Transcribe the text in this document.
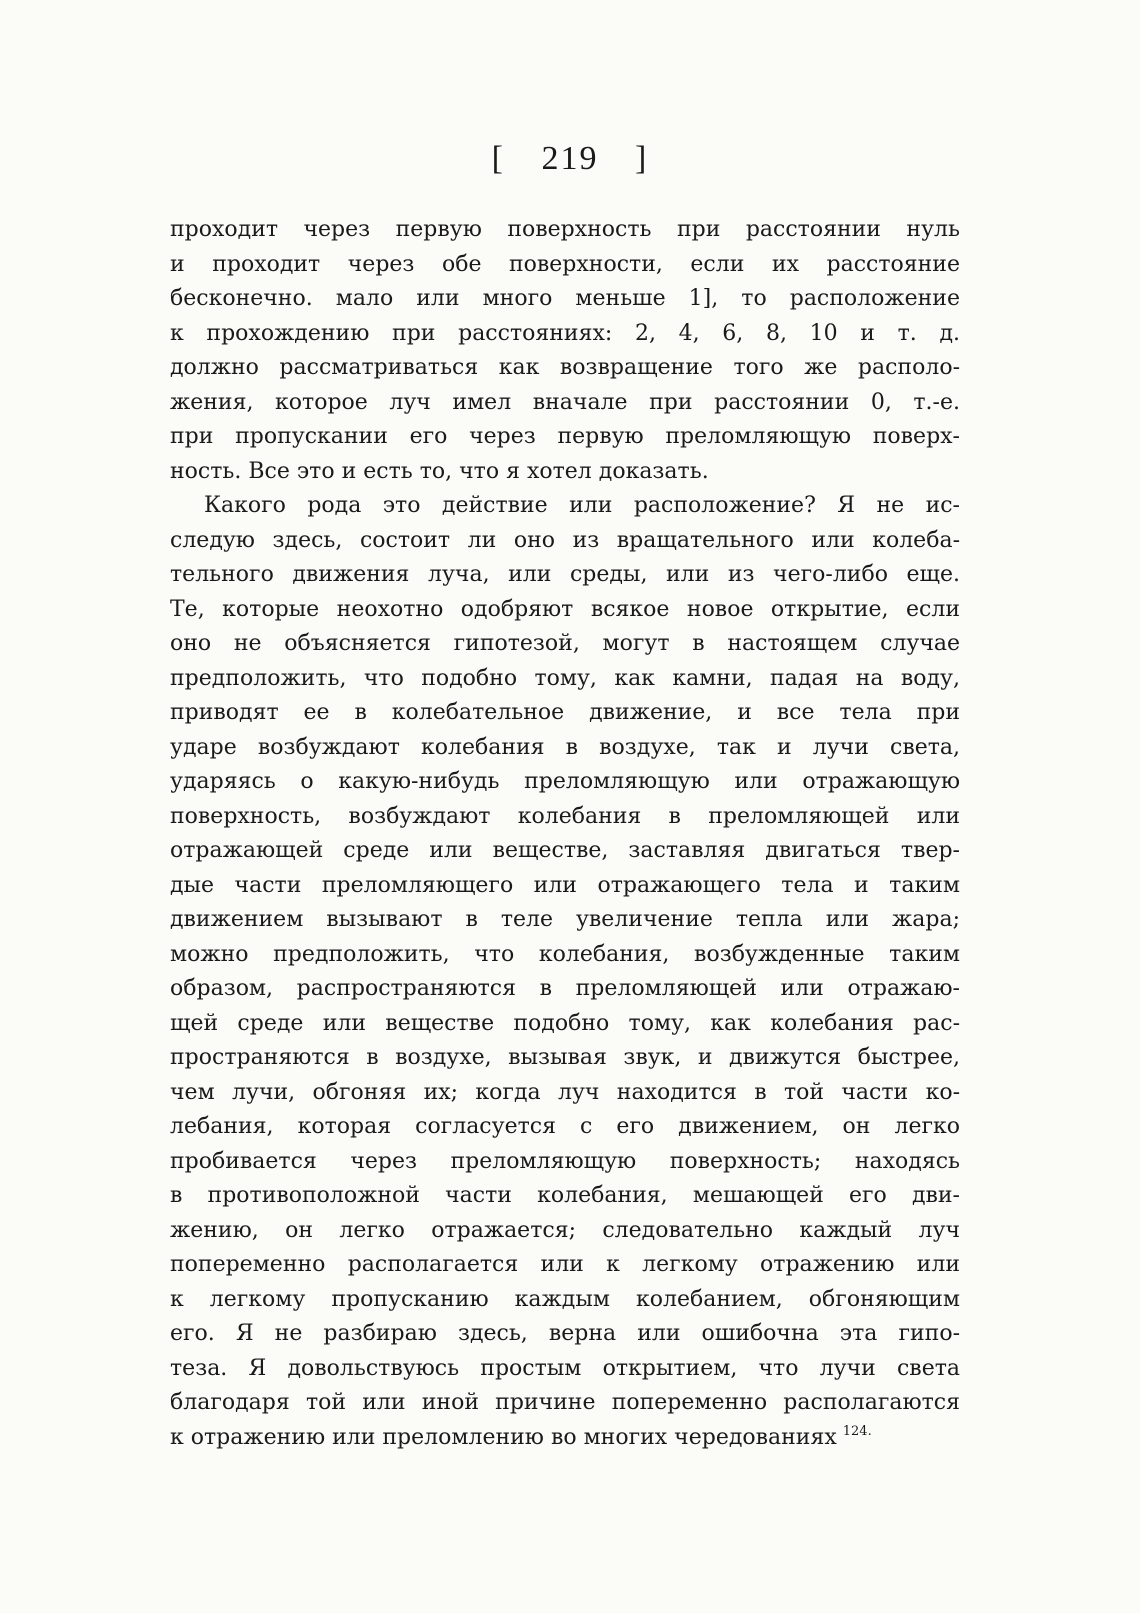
[ 219 ]
проходит через первую поверхность при расстоянии нуль
и проходит через обе поверхности, если их расстояние
бесконечно. мало или много меньше 1], то расположение
к прохождению при расстояниях: 2, 4, 6, 8, 10 и т. д.
должно рассматриваться как возвращение того же располо-
жения, которое луч имел вначале при расстоянии 0, т.-е.
при пропускании его через первую преломляющую поверх-
ность. Все это и есть то, что я хотел доказать.
Какого рода это действие или расположение? Я не ис-
следую здесь, состоит ли оно из вращательного или колеба-
тельного движения луча, или среды, или из чего-либо еще.
Те, которые неохотно одобряют всякое новое открытие, если
оно не объясняется гипотезой, могут в настоящем случае
предположить, что подобно тому, как камни, падая на воду,
приводят ее в колебательное движение, и все тела при
ударе возбуждают колебания в воздухе, так и лучи света,
ударяясь о какую-нибудь преломляющую или отражающую
поверхность, возбуждают колебания в преломляющей или
отражающей среде или веществе, заставляя двигаться твер-
дые части преломляющего или отражающего тела и таким
движением вызывают в теле увеличение тепла или жара;
можно предположить, что колебания, возбужденные таким
образом, распространяются в преломляющей или отражаю-
щей среде или веществе подобно тому, как колебания рас-
пространяются в воздухе, вызывая звук, и движутся быстрее,
чем лучи, обгоняя их; когда луч находится в той части ко-
лебания, которая согласуется с его движением, он легко
пробивается через преломляющую поверхность; находясь
в противоположной части колебания, мешающей его дви-
жению, он легко отражается; следовательно каждый луч
попеременно располагается или к легкому отражению или
к легкому пропусканию каждым колебанием, обгоняющим
его. Я не разбираю здесь, верна или ошибочна эта гипо-
теза. Я довольствуюсь простым открытием, что лучи света
благодаря той или иной причине попеременно располагаются
к отражению или преломлению во многих чередованиях $^{124.}$
